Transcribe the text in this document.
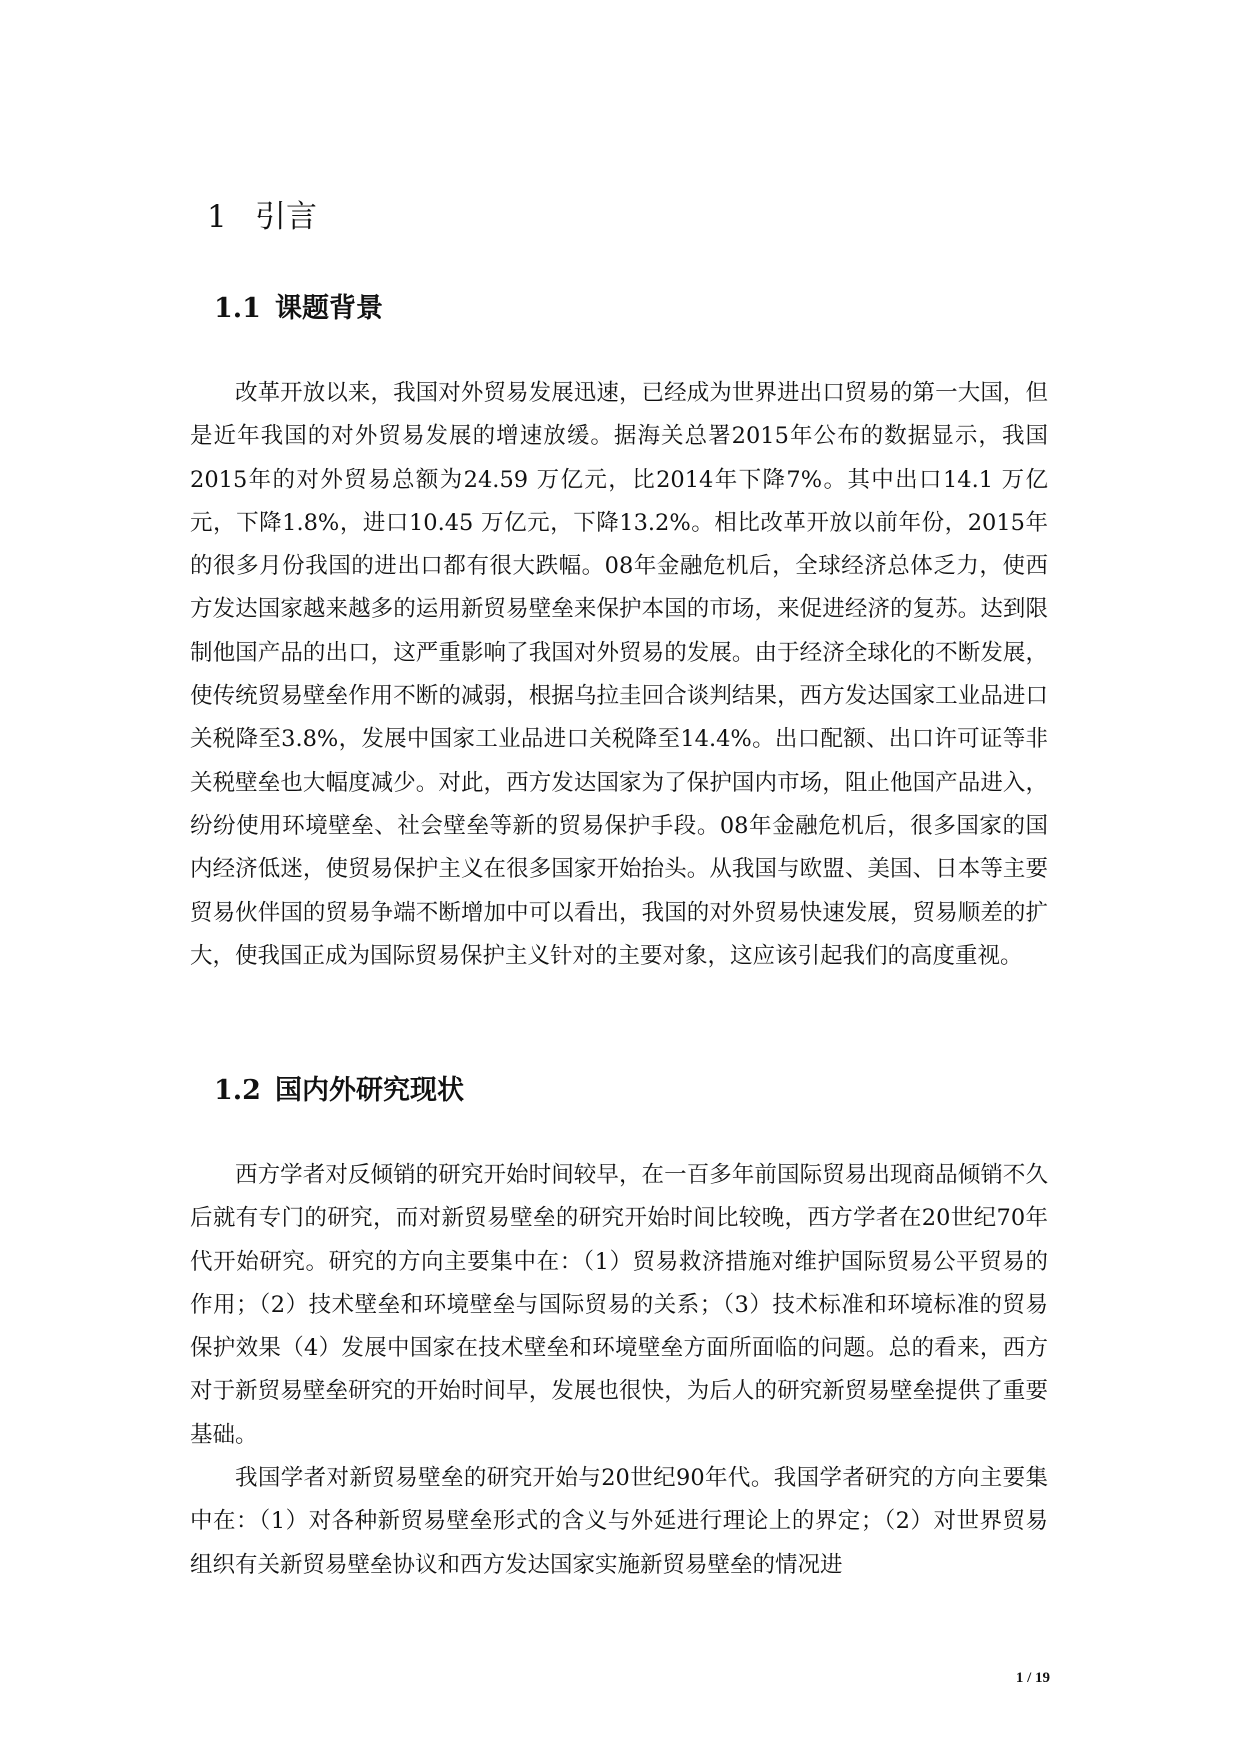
1 引言
1.1 课题背景

改革开放以来，我国对外贸易发展迅速，已经成为世界进出口贸易的第一大国，但是近年我国的对外贸易发展的增速放缓。据海关总署2015年公布的数据显示，我国2015年的对外贸易总额为24.59 万亿元，比2014年下降7%。其中出口14.1 万亿元，下降1.8%，进口10.45 万亿元，下降13.2%。相比改革开放以前年份，2015年的很多月份我国的进出口都有很大跌幅。08年金融危机后，全球经济总体乏力，使西方发达国家越来越多的运用新贸易壁垒来保护本国的市场，来促进经济的复苏。达到限制他国产品的出口，这严重影响了我国对外贸易的发展。由于经济全球化的不断发展，使传统贸易壁垒作用不断的减弱，根据乌拉圭回合谈判结果，西方发达国家工业品进口关税降至3.8%，发展中国家工业品进口关税降至14.4%。出口配额、出口许可证等非关税壁垒也大幅度减少。对此，西方发达国家为了保护国内市场，阻止他国产品进入，纷纷使用环境壁垒、社会壁垒等新的贸易保护手段。08年金融危机后，很多国家的国内经济低迷，使贸易保护主义在很多国家开始抬头。从我国与欧盟、美国、日本等主要贸易伙伴国的贸易争端不断增加中可以看出，我国的对外贸易快速发展，贸易顺差的扩大，使我国正成为国际贸易保护主义针对的主要对象，这应该引起我们的高度重视。

1.2 国内外研究现状

西方学者对反倾销的研究开始时间较早，在一百多年前国际贸易出现商品倾销不久后就有专门的研究，而对新贸易壁垒的研究开始时间比较晚，西方学者在20世纪70年代开始研究。研究的方向主要集中在：（1）贸易救济措施对维护国际贸易公平贸易的作用；（2）技术壁垒和环境壁垒与国际贸易的关系；（3）技术标准和环境标准的贸易保护效果（4）发展中国家在技术壁垒和环境壁垒方面所面临的问题。总的看来，西方对于新贸易壁垒研究的开始时间早，发展也很快，为后人的研究新贸易壁垒提供了重要基础。

我国学者对新贸易壁垒的研究开始与20世纪90年代。我国学者研究的方向主要集中在：（1）对各种新贸易壁垒形式的含义与外延进行理论上的界定；（2）对世界贸易组织有关新贸易壁垒协议和西方发达国家实施新贸易壁垒的情况进

1 / 19
